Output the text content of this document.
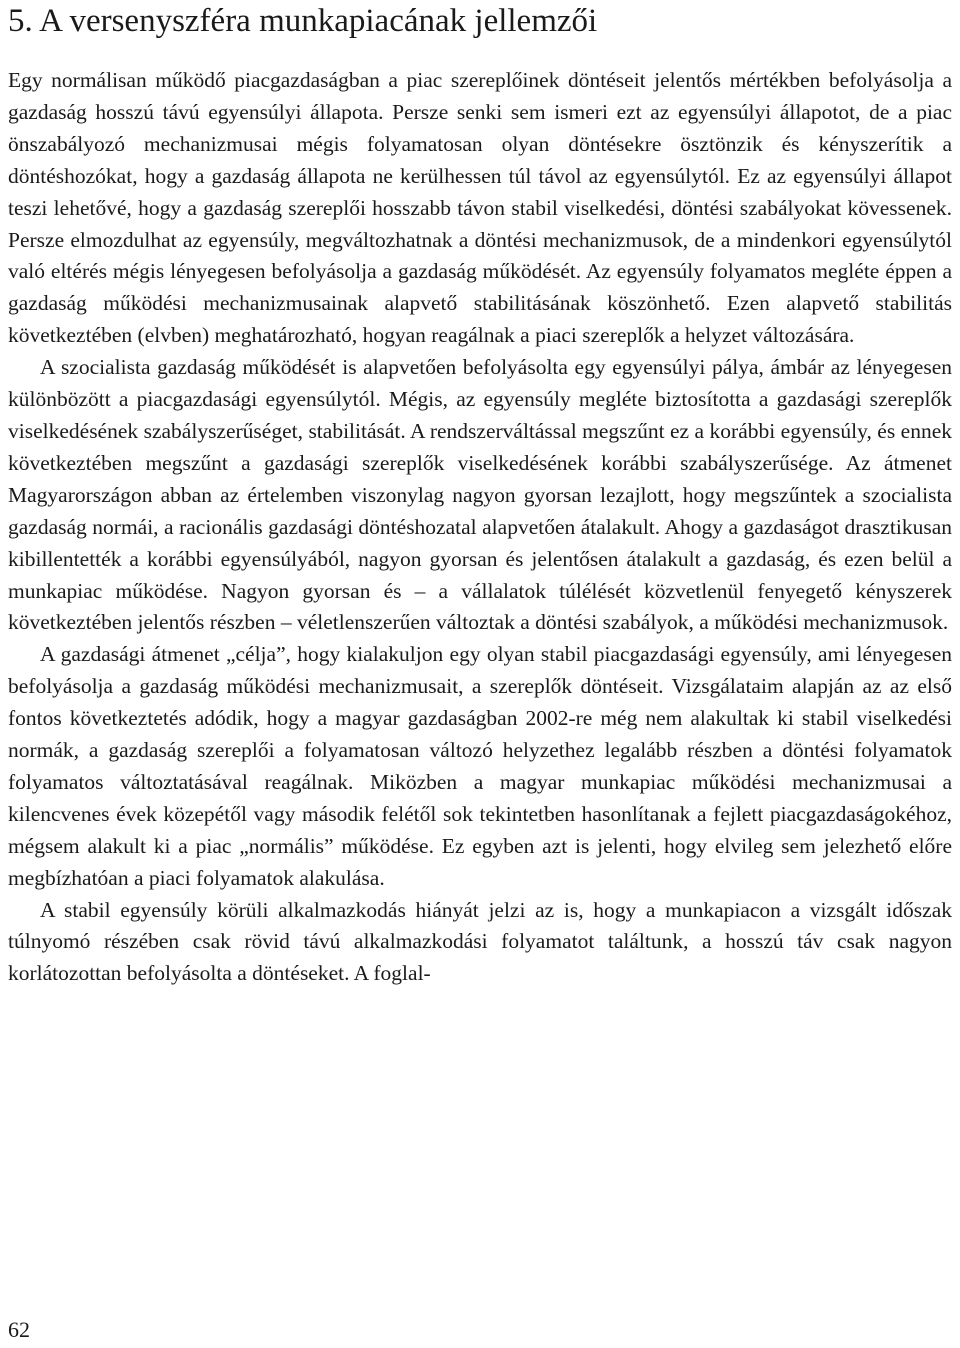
5. A versenyszféra munkapiacának jellemzői

Egy normálisan működő piacgazdaságban a piac szereplőinek döntéseit jelentős mértékben befolyásolja a gazdaság hosszú távú egyensúlyi állapota. Persze senki sem ismeri ezt az egyensúlyi állapotot, de a piac önszabályozó mechanizmusai mégis folyamatosan olyan döntésekre ösztönzik és kényszerítik a döntéshozókat, hogy a gazdaság állapota ne kerülhessen túl távol az egyensúlytól. Ez az egyensúlyi állapot teszi lehetővé, hogy a gazdaság szereplői hosszabb távon stabil viselkedési, döntési szabályokat kövessenek. Persze elmozdulhat az egyensúly, megváltozhatnak a döntési mechanizmusok, de a mindenkori egyensúlytól való eltérés mégis lényegesen befolyásolja a gazdaság működését. Az egyensúly folyamatos megléte éppen a gazdaság működési mechanizmusainak alapvető stabilitásának köszönhető. Ezen alapvető stabilitás következtében (elvben) meghatározható, hogyan reagálnak a piaci szereplők a helyzet változására.

A szocialista gazdaság működését is alapvetően befolyásolta egy egyensúlyi pálya, ámbár az lényegesen különbözött a piacgazdasági egyensúlytól. Mégis, az egyensúly megléte biztosította a gazdasági szereplők viselkedésének szabályszerűséget, stabilitását. A rendszerváltással megszűnt ez a korábbi egyensúly, és ennek következtében megszűnt a gazdasági szereplők viselkedésének korábbi szabályszerűsége. Az átmenet Magyarországon abban az értelemben viszonylag nagyon gyorsan lezajlott, hogy megszűntek a szocialista gazdaság normái, a racionális gazdasági döntéshozatal alapvetően átalakult. Ahogy a gazdaságot drasztikusan kibillentették a korábbi egyensúlyából, nagyon gyorsan és jelentősen átalakult a gazdaság, és ezen belül a munkapiac működése. Nagyon gyorsan és – a vállalatok túlélését közvetlenül fenyegető kényszerek következtében jelentős részben – véletlenszerűen változtak a döntési szabályok, a működési mechanizmusok.

A gazdasági átmenet „célja”, hogy kialakuljon egy olyan stabil piacgazdasági egyensúly, ami lényegesen befolyásolja a gazdaság működési mechanizmusait, a szereplők döntéseit. Vizsgálataim alapján az az első fontos következtetés adódik, hogy a magyar gazdaságban 2002-re még nem alakultak ki stabil viselkedési normák, a gazdaság szereplői a folyamatosan változó helyzethez legalább részben a döntési folyamatok folyamatos változtatásával reagálnak. Miközben a magyar munkapiac működési mechanizmusai a kilencvenes évek közepétől vagy második felétől sok tekintetben hasonlítanak a fejlett piacgazdaságokéhoz, mégsem alakult ki a piac „normális” működése. Ez egyben azt is jelenti, hogy elvileg sem jelezhető előre megbízhatóan a piaci folyamatok alakulása.

A stabil egyensúly körüli alkalmazkodás hiányát jelzi az is, hogy a munkapiacon a vizsgált időszak túlnyomó részében csak rövid távú alkalmazkodási folyamatot találtunk, a hosszú táv csak nagyon korlátozottan befolyásolta a döntéseket. A foglal-

62
